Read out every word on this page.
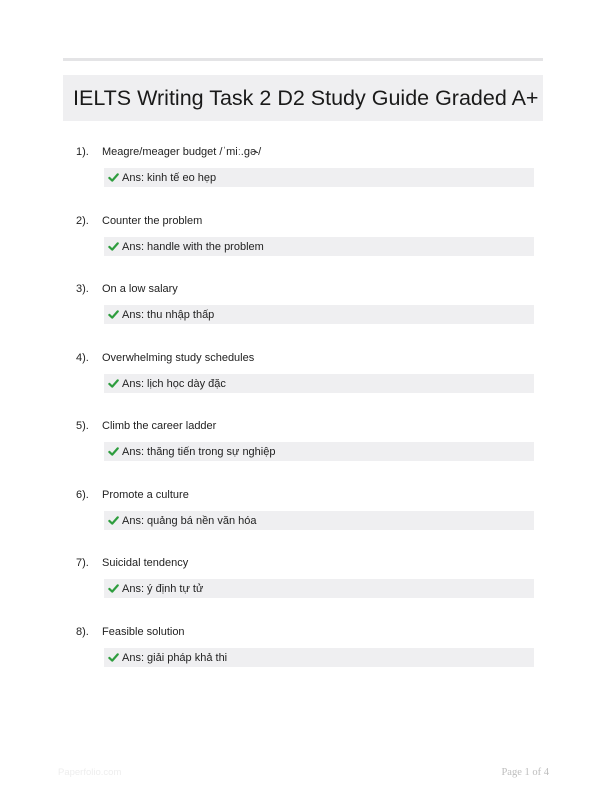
IELTS Writing Task 2 D2 Study Guide Graded A+
1). Meagre/meager budget /ˈmiː.ɡɚ/
Ans: kinh tế eo hẹp
2). Counter the problem
Ans: handle with the problem
3). On a low salary
Ans: thu nhập thấp
4). Overwhelming study schedules
Ans: lịch học dày đặc
5). Climb the career ladder
Ans: thăng tiến trong sự nghiệp
6). Promote a culture
Ans: quảng bá nền văn hóa
7). Suicidal tendency
Ans: ý định tự tử
8). Feasible solution
Ans: giải pháp khả thi
Paperfolio.com	Page 1 of 4
